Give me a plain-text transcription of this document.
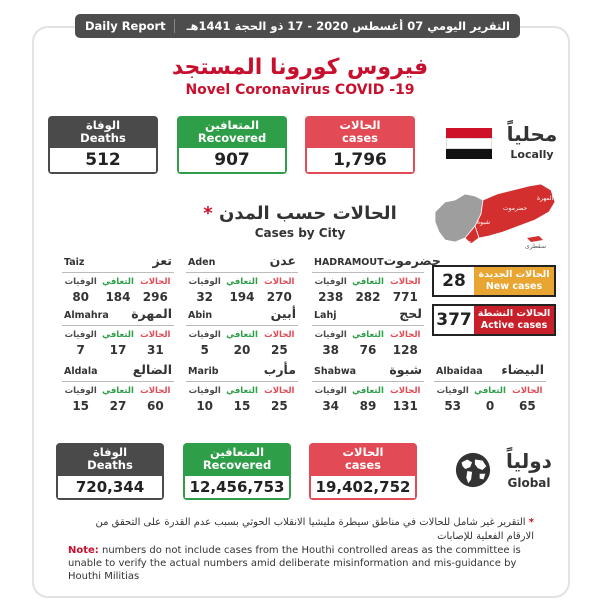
Daily Report	التقرير اليومي 07 أغسطس 2020 - 17 ذو الحجة 1441هـ
فيروس كورونا المستجد
Novel Coronavirus COVID -19
الوفاة
Deaths
512
المتعافين
Recovered
907
الحالات
cases
1,796
محلياً
Locally
الحالات حسب المدن *
Cases by City
حضرموت
المهرة
شبوة
عدن
سقطرى
28	الحالات الجديدة
New cases
377 الحالات النشطة
Active cases
Taiz	تعز
الوفيات
80
التعافي
184
الحالات
296
Aden	عدن
الوفيات
32
التعافي
194
الحالات
270
HADRAMOUT حضرموت
الوفيات
238
التعافي
282
الحالات
771
Almahra المهرة
الوفيات
7
التعافي
17
الحالات
31
Abin	أبين
الوفيات
5
التعافي
20
الحالات
25
Lahj	لحج
الوفيات
38
التعافي
76
الحالات
128
Aldala	الضالع
الوفيات
15
التعافي
27
الحالات
60
Marib	مأرب
الوفيات
10
التعافي
15
الحالات
25
Shabwa	شبوة
الوفيات
34
التعافي
89
الحالات
131
Albaidaa البيضاء
الوفيات
53
التعافي
0
الحالات
65
الوفاة
Deaths
720,344
المتعافين
Recovered
12,456,753
الحالات
cases
19,402,752
دولياً
Global
* التقرير غير شامل للحالات في مناطق سيطرة مليشيا الانقلاب الحوثي بسبب عدم القدرة على التحقق من الارقام الفعلية للإصابات
Note: numbers do not include cases from the Houthi controlled areas as the committee is unable to verify the actual numbers amid deliberate misinformation and mis-guidance by Houthi Militias
